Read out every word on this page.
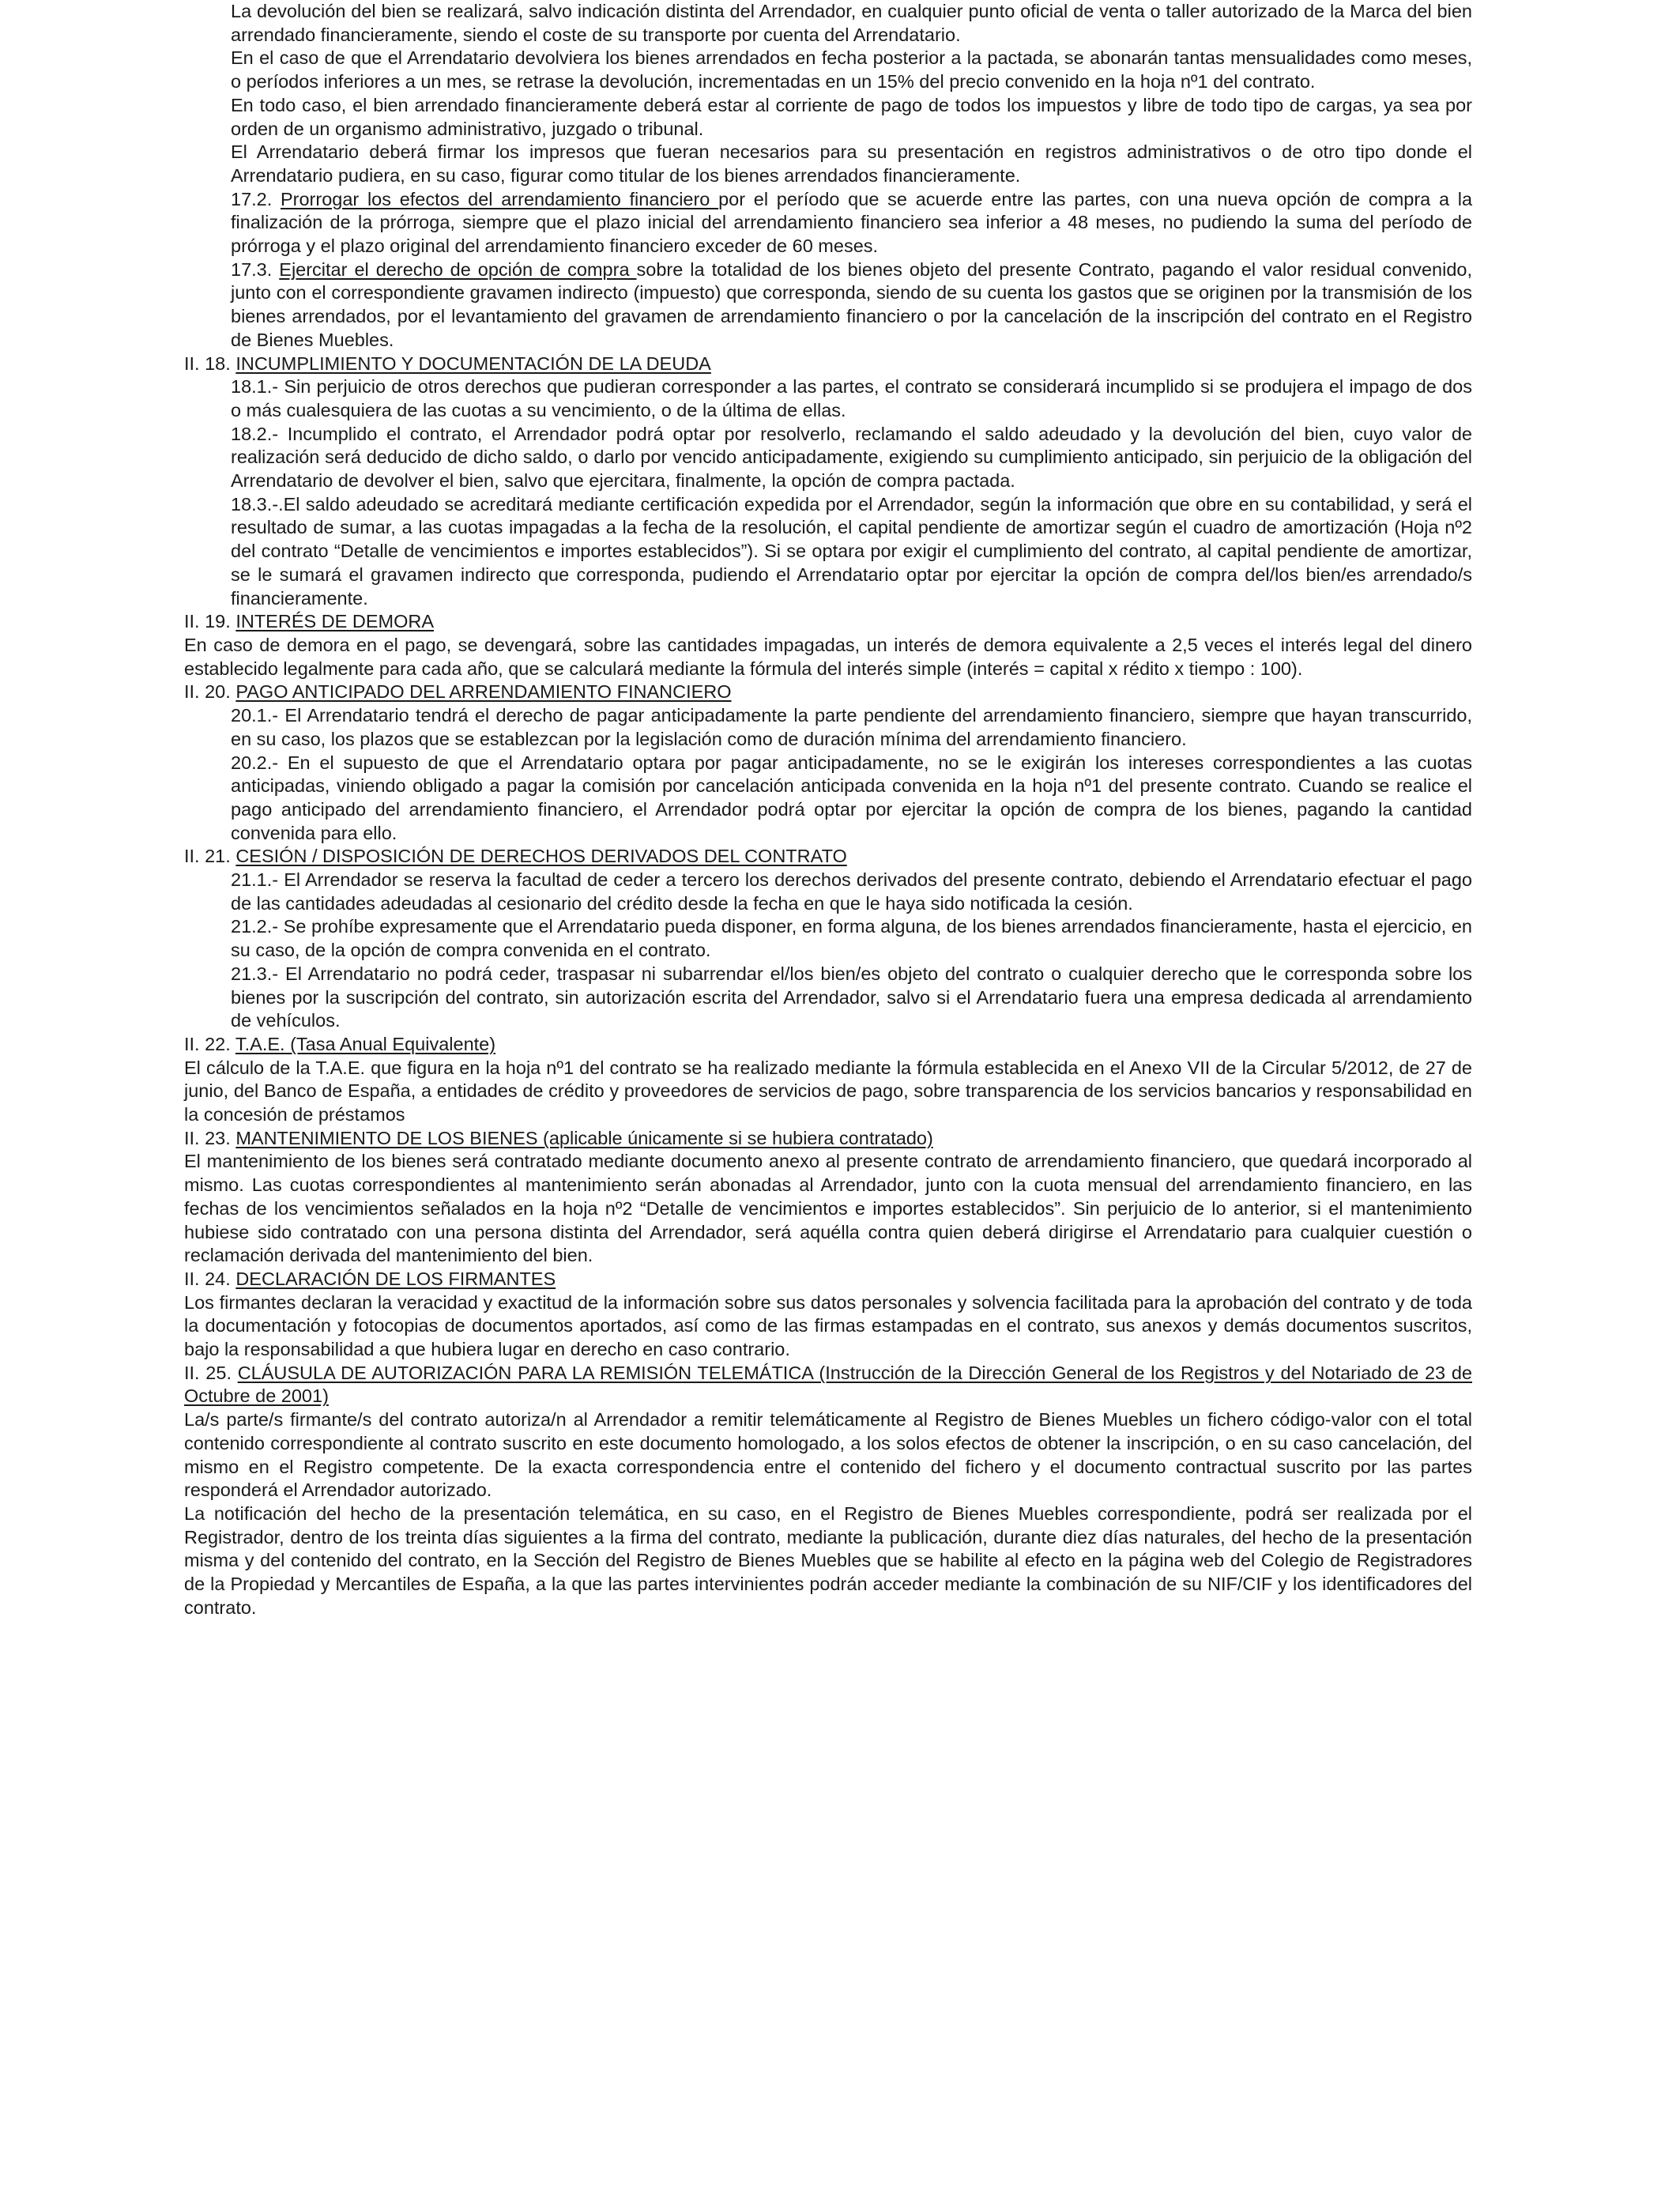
La devolución del bien se realizará, salvo indicación distinta del Arrendador, en cualquier punto oficial de venta o taller autorizado de la Marca del bien arrendado financieramente, siendo el coste de su transporte por cuenta del Arrendatario.

En el caso de que el Arrendatario devolviera los bienes arrendados en fecha posterior a la pactada, se abonarán tantas mensualidades como meses, o períodos inferiores a un mes, se retrase la devolución, incrementadas en un 15% del precio convenido en la hoja nº1 del contrato.

En todo caso, el bien arrendado financieramente deberá estar al corriente de pago de todos los impuestos y libre de todo tipo de cargas, ya sea por orden de un organismo administrativo, juzgado o tribunal.

El Arrendatario deberá firmar los impresos que fueran necesarios para su presentación en registros administrativos o de otro tipo donde el Arrendatario pudiera, en su caso, figurar como titular de los bienes arrendados financieramente.

17.2. Prorrogar los efectos del arrendamiento financiero por el período que se acuerde entre las partes, con una nueva opción de compra a la finalización de la prórroga, siempre que el plazo inicial del arrendamiento financiero sea inferior a 48 meses, no pudiendo la suma del período de prórroga y el plazo original del arrendamiento financiero exceder de 60 meses.

17.3. Ejercitar el derecho de opción de compra sobre la totalidad de los bienes objeto del presente Contrato, pagando el valor residual convenido, junto con el correspondiente gravamen indirecto (impuesto) que corresponda, siendo de su cuenta los gastos que se originen por la transmisión de los bienes arrendados, por el levantamiento del gravamen de arrendamiento financiero o por la cancelación de la inscripción del contrato en el Registro de Bienes Muebles.

II. 18. INCUMPLIMIENTO Y DOCUMENTACIÓN DE LA DEUDA

18.1.- Sin perjuicio de otros derechos que pudieran corresponder a las partes, el contrato se considerará incumplido si se produjera el impago de dos o más cualesquiera de las cuotas a su vencimiento, o de la última de ellas.

18.2.- Incumplido el contrato, el Arrendador podrá optar por resolverlo, reclamando el saldo adeudado y la devolución del bien, cuyo valor de realización será deducido de dicho saldo, o darlo por vencido anticipadamente, exigiendo su cumplimiento anticipado, sin perjuicio de la obligación del Arrendatario de devolver el bien, salvo que ejercitara, finalmente, la opción de compra pactada.

18.3.-.El saldo adeudado se acreditará mediante certificación expedida por el Arrendador, según la información que obre en su contabilidad, y será el resultado de sumar, a las cuotas impagadas a la fecha de la resolución, el capital pendiente de amortizar según el cuadro de amortización (Hoja nº2 del contrato “Detalle de vencimientos e importes establecidos”). Si se optara por exigir el cumplimiento del contrato, al capital pendiente de amortizar, se le sumará el gravamen indirecto que corresponda, pudiendo el Arrendatario optar por ejercitar la opción de compra del/los bien/es arrendado/s financieramente.

II. 19. INTERÉS DE DEMORA

En caso de demora en el pago, se devengará, sobre las cantidades impagadas, un interés de demora equivalente a 2,5 veces el interés legal del dinero establecido legalmente para cada año, que se calculará mediante la fórmula del interés simple (interés = capital x rédito x tiempo : 100).

II. 20. PAGO ANTICIPADO DEL ARRENDAMIENTO FINANCIERO

20.1.- El Arrendatario tendrá el derecho de pagar anticipadamente la parte pendiente del arrendamiento financiero, siempre que hayan transcurrido, en su caso, los plazos que se establezcan por la legislación como de duración mínima del arrendamiento financiero.

20.2.- En el supuesto de que el Arrendatario optara por pagar anticipadamente, no se le exigirán los intereses correspondientes a las cuotas anticipadas, viniendo obligado a pagar la comisión por cancelación anticipada convenida en la hoja nº1 del presente contrato. Cuando se realice el pago anticipado del arrendamiento financiero, el Arrendador podrá optar por ejercitar la opción de compra de los bienes, pagando la cantidad convenida para ello.

II. 21. CESIÓN / DISPOSICIÓN DE DERECHOS DERIVADOS DEL CONTRATO

21.1.- El Arrendador se reserva la facultad de ceder a tercero los derechos derivados del presente contrato, debiendo el Arrendatario efectuar el pago de las cantidades adeudadas al cesionario del crédito desde la fecha en que le haya sido notificada la cesión.

21.2.- Se prohíbe expresamente que el Arrendatario pueda disponer, en forma alguna, de los bienes arrendados financieramente, hasta el ejercicio, en su caso, de la opción de compra convenida en el contrato.

21.3.- El Arrendatario no podrá ceder, traspasar ni subarrendar el/los bien/es objeto del contrato o cualquier derecho que le corresponda sobre los bienes por la suscripción del contrato, sin autorización escrita del Arrendador, salvo si el Arrendatario fuera una empresa dedicada al arrendamiento de vehículos.

II. 22. T.A.E. (Tasa Anual Equivalente)

El cálculo de la T.A.E. que figura en la hoja nº1 del contrato se ha realizado mediante la fórmula establecida en el Anexo VII de la Circular 5/2012, de 27 de junio, del Banco de España, a entidades de crédito y proveedores de servicios de pago, sobre transparencia de los servicios bancarios y responsabilidad en la concesión de préstamos

II. 23. MANTENIMIENTO DE LOS BIENES (aplicable únicamente si se hubiera contratado)

El mantenimiento de los bienes será contratado mediante documento anexo al presente contrato de arrendamiento financiero, que quedará incorporado al mismo. Las cuotas correspondientes al mantenimiento serán abonadas al Arrendador, junto con la cuota mensual del arrendamiento financiero, en las fechas de los vencimientos señalados en la hoja nº2 “Detalle de vencimientos e importes establecidos”. Sin perjuicio de lo anterior, si el mantenimiento hubiese sido contratado con una persona distinta del Arrendador, será aquélla contra quien deberá dirigirse el Arrendatario para cualquier cuestión o reclamación derivada del mantenimiento del bien.

II. 24. DECLARACIÓN DE LOS FIRMANTES

Los firmantes declaran la veracidad y exactitud de la información sobre sus datos personales y solvencia facilitada para la aprobación del contrato y de toda la documentación y fotocopias de documentos aportados, así como de las firmas estampadas en el contrato, sus anexos y demás documentos suscritos, bajo la responsabilidad a que hubiera lugar en derecho en caso contrario.

II. 25. CLÁUSULA DE AUTORIZACIÓN PARA LA REMISIÓN TELEMÁTICA (Instrucción de la Dirección General de los Registros y del Notariado de 23 de Octubre de 2001)

La/s parte/s firmante/s del contrato autoriza/n al Arrendador a remitir telemáticamente al Registro de Bienes Muebles un fichero código-valor con el total contenido correspondiente al contrato suscrito en este documento homologado, a los solos efectos de obtener la inscripción, o en su caso cancelación, del mismo en el Registro competente. De la exacta correspondencia entre el contenido del fichero y el documento contractual suscrito por las partes responderá el Arrendador autorizado.

La notificación del hecho de la presentación telemática, en su caso, en el Registro de Bienes Muebles correspondiente, podrá ser realizada por el Registrador, dentro de los treinta días siguientes a la firma del contrato, mediante la publicación, durante diez días naturales, del hecho de la presentación misma y del contenido del contrato, en la Sección del Registro de Bienes Muebles que se habilite al efecto en la página web del Colegio de Registradores de la Propiedad y Mercantiles de España, a la que las partes intervinientes podrán acceder mediante la combinación de su NIF/CIF y los identificadores del contrato.
